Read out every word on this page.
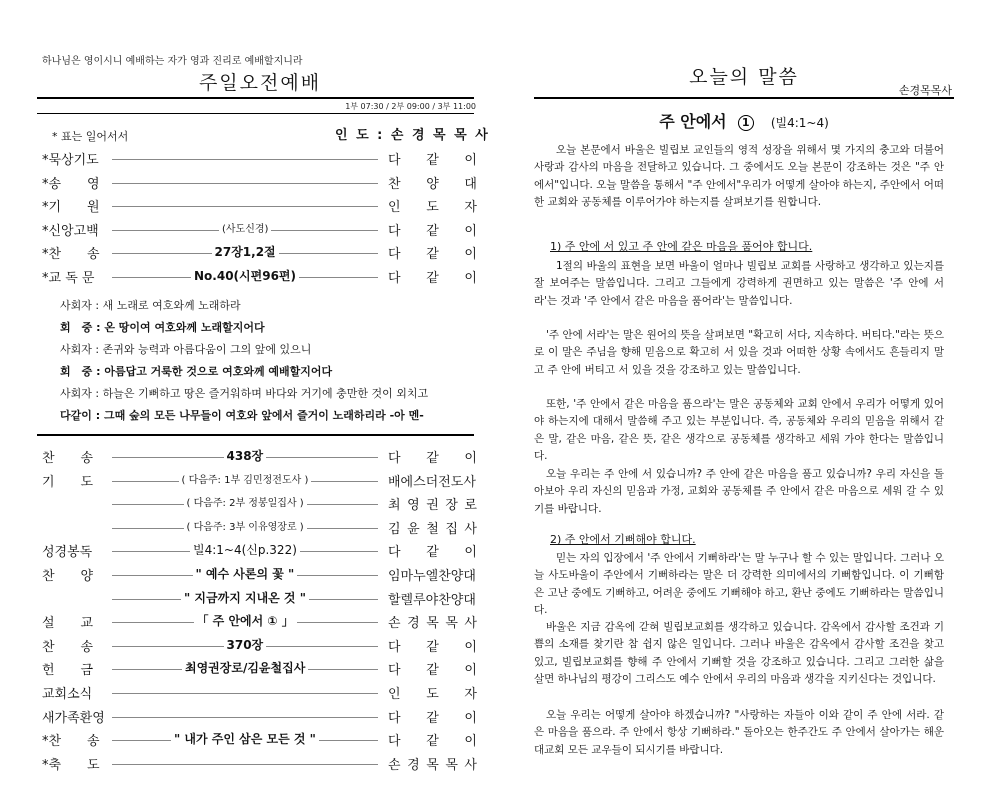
하나님은 영이시니 예배하는 자가 영과 진리로 예배할지니라
주일오전예배
1부 07:30 / 2부 09:00 / 3부 11:00
* 표는 일어서서	인 도 : 손 경 목 목 사
*묵상기도	다 같 이
*송　　영	찬 양 대
*기　　원	인 도 자
*신앙고백	(사도신경)	다 같 이
*찬　　송	27장1,2절	다 같 이
*교 독 문	No.40(시편96편)	다 같 이
사회자 : 새 노래로 여호와께 노래하라
회　중 : 온 땅이여 여호와께 노래할지어다
사회자 : 존귀와 능력과 아름다움이 그의 앞에 있으니
회　중 : 아름답고 거룩한 것으로 여호와께 예배할지어다
사회자 : 하늘은 기뻐하고 땅은 즐거워하며 바다와 거기에 충만한 것이 외치고
다같이 : 그때 숲의 모든 나무들이 여호와 앞에서 즐거이 노래하리라 -아 멘-
찬　　송	438장	다 같 이
기　　도	( 다음주: 1부 김민정전도사 )	배에스더전도사
( 다음주: 2부 정봉일집사 )	최 영 권 장 로
( 다음주: 3부 이유영장로 )	김 윤 철 집 사
성경봉독	빌4:1~4(신p.322)	다 같 이
찬　　양	" 예수 사론의 꽃 "	임마누엘찬양대
" 지금까지 지내온 것 "	할렐루야찬양대
설　　교	「 주 안에서 ① 」	손 경 목 목 사
찬　　송	370장	다 같 이
헌　　금	최영권장로/김윤철집사	다 같 이
교회소식	인 도 자
새가족환영	다 같 이
*찬　　송	" 내가 주인 삼은 모든 것 "	다 같 이
*축　　도	손 경 목 목 사
오늘의 말씀
손경목목사
주 안에서 1 (빌4:1~4)
오늘 본문에서 바울은 빌립보 교인들의 영적 성장을 위해서 몇 가지의 충고와 더불어 사랑과 감사의 마음을 전달하고 있습니다. 그 중에서도 오늘 본문이 강조하는 것은 "주 안에서"입니다. 오늘 말씀을 통해서 "주 안에서"우리가 어떻게 살아야 하는지, 주안에서 어떠한 교회와 공동체를 이루어가야 하는지를 살펴보기를 원합니다.
1) 주 안에 서 있고 주 안에 같은 마음을 품어야 합니다.
1절의 바울의 표현을 보면 바울이 얼마나 빌립보 교회를 사랑하고 생각하고 있는지를 잘 보여주는 말씀입니다. 그리고 그들에게 강력하게 권면하고 있는 말씀은 '주 안에 서라'는 것과 '주 안에서 같은 마음을 품어라'는 말씀입니다.
'주 안에 서라'는 말은 원어의 뜻을 살펴보면 "확고히 서다, 지속하다. 버티다."라는 뜻으로 이 말은 주님을 향해 믿음으로 확고히 서 있을 것과 어떠한 상황 속에서도 흔들리지 말고 주 안에 버티고 서 있을 것을 강조하고 있는 말씀입니다.
또한, '주 안에서 같은 마음을 품으라'는 말은 공동체와 교회 안에서 우리가 어떻게 있어야 하는지에 대해서 말씀해 주고 있는 부분입니다. 즉, 공동체와 우리의 믿음을 위해서 같은 말, 같은 마음, 같은 뜻, 같은 생각으로 공동체를 생각하고 세워 가야 한다는 말씀입니다.
오늘 우리는 주 안에 서 있습니까? 주 안에 같은 마음을 품고 있습니까? 우리 자신을 돌아보아 우리 자신의 믿음과 가정, 교회와 공동체를 주 안에서 같은 마음으로 세워 갈 수 있기를 바랍니다.
2) 주 안에서 기뻐해야 합니다.
믿는 자의 입장에서 '주 안에서 기뻐하라'는 말 누구나 할 수 있는 말입니다. 그러나 오늘 사도바울이 주안에서 기뻐하라는 말은 더 강력한 의미에서의 기뻐함입니다. 이 기뻐함은 고난 중에도 기뻐하고, 어려운 중에도 기뻐해야 하고, 환난 중에도 기뻐하라는 말씀입니다.
바울은 지금 감옥에 갇혀 빌립보교회를 생각하고 있습니다. 감옥에서 감사할 조건과 기쁨의 소재를 찾기란 참 쉽지 않은 일입니다. 그러나 바울은 감옥에서 감사할 조건을 찾고 있고, 빌립보교회를 향해 주 안에서 기뻐할 것을 강조하고 있습니다. 그리고 그러한 삶을 살면 하나님의 평강이 그리스도 예수 안에서 우리의 마음과 생각을 지키신다는 것입니다.
오늘 우리는 어떻게 살아야 하겠습니까? "사랑하는 자들아 이와 같이 주 안에 서라. 같은 마음을 품으라. 주 안에서 항상 기뻐하라." 돌아오는 한주간도 주 안에서 살아가는 해운대교회 모든 교우들이 되시기를 바랍니다.
